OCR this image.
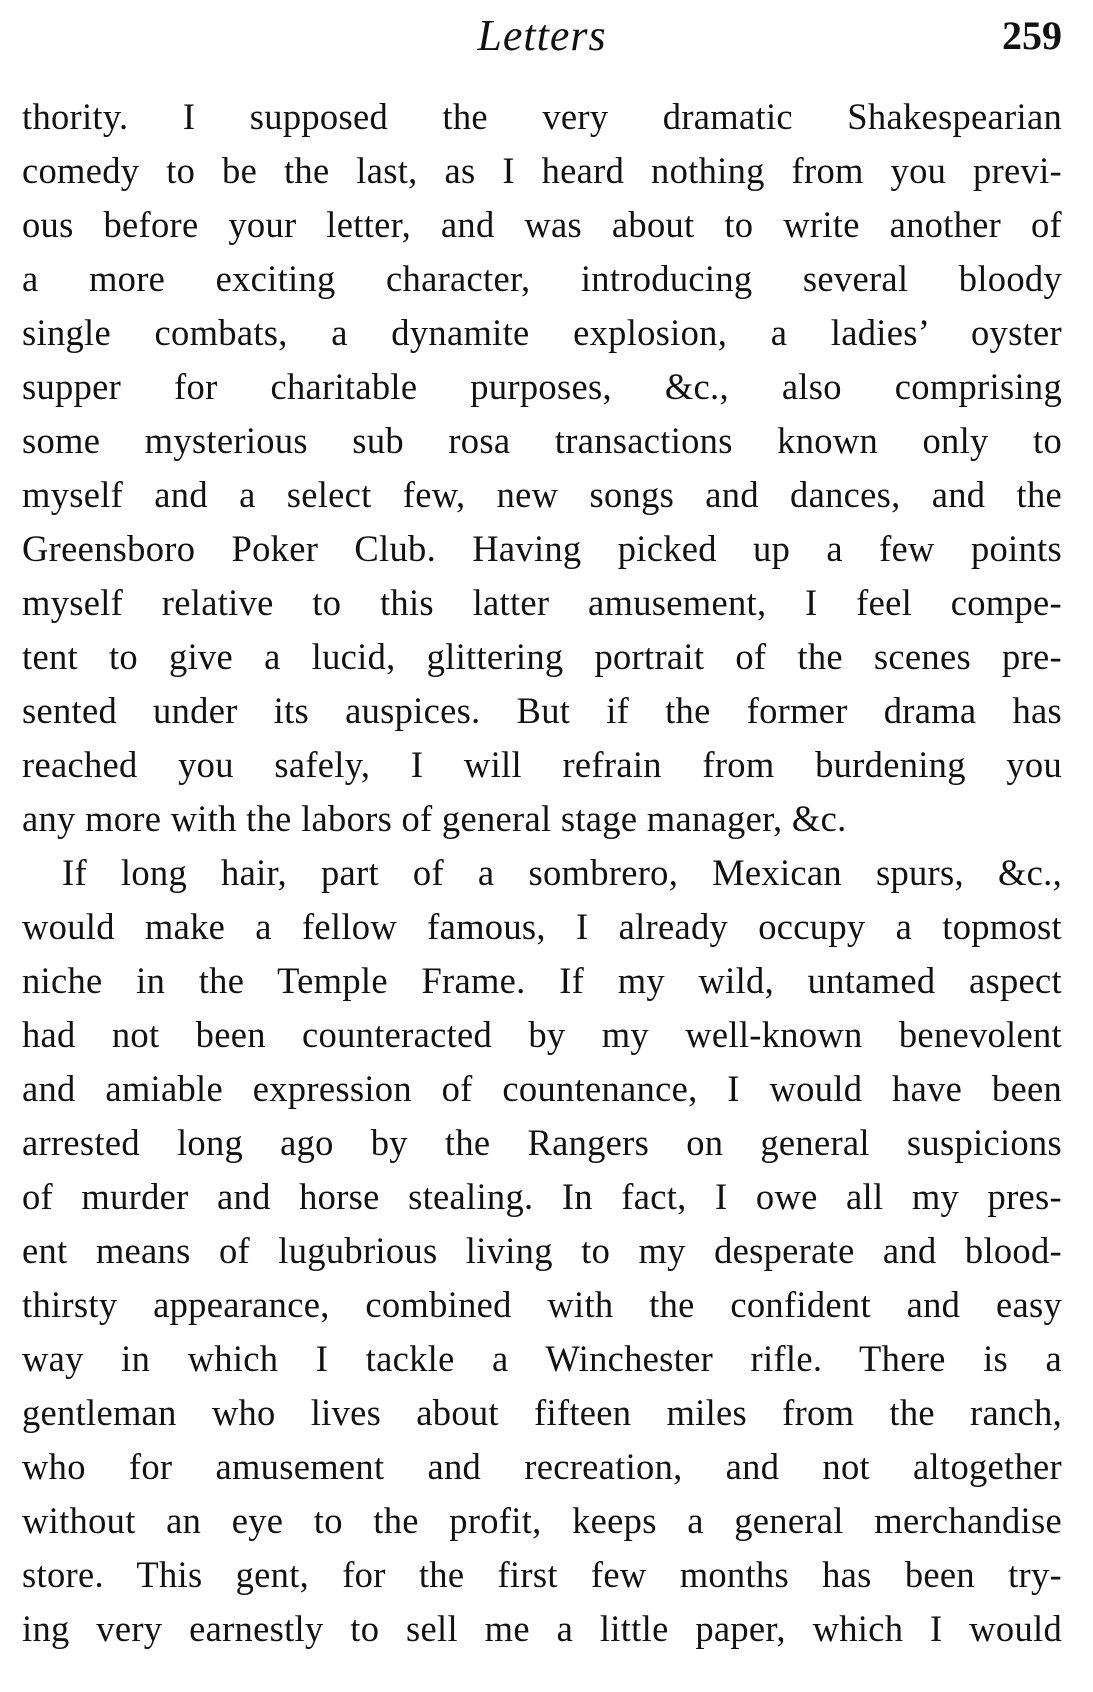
Letters	259
thority. I supposed the very dramatic Shakespearian
comedy to be the last, as I heard nothing from you previ-
ous before your letter, and was about to write another of
a more exciting character, introducing several bloody
single combats, a dynamite explosion, a ladies’ oyster
supper for charitable purposes, &c., also comprising
some mysterious sub rosa transactions known only to
myself and a select few, new songs and dances, and the
Greensboro Poker Club. Having picked up a few points
myself relative to this latter amusement, I feel compe-
tent to give a lucid, glittering portrait of the scenes pre-
sented under its auspices. But if the former drama has
reached you safely, I will refrain from burdening you
any more with the labors of general stage manager, &c.
If long hair, part of a sombrero, Mexican spurs, &c.,
would make a fellow famous, I already occupy a topmost
niche in the Temple Frame. If my wild, untamed aspect
had not been counteracted by my well-known benevolent
and amiable expression of countenance, I would have been
arrested long ago by the Rangers on general suspicions
of murder and horse stealing. In fact, I owe all my pres-
ent means of lugubrious living to my desperate and blood-
thirsty appearance, combined with the confident and easy
way in which I tackle a Winchester rifle. There is a
gentleman who lives about fifteen miles from the ranch,
who for amusement and recreation, and not altogether
without an eye to the profit, keeps a general merchandise
store. This gent, for the first few months has been try-
ing very earnestly to sell me a little paper, which I would
